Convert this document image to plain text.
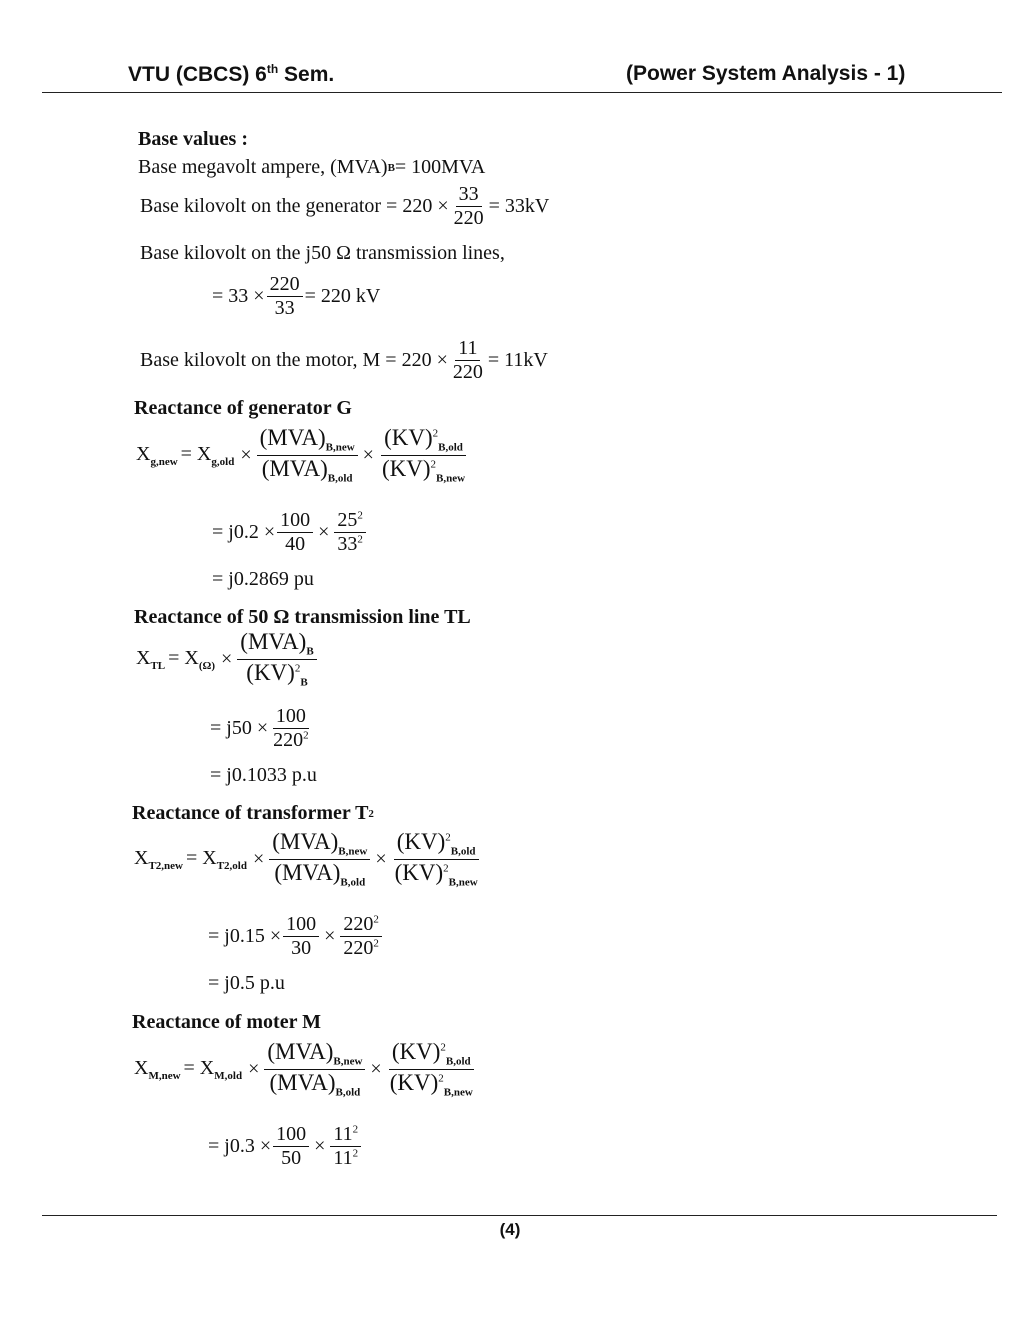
VTU (CBCS) 6th Sem.	(Power System Analysis - 1)
Base values :
Base megavolt ampere, (MVA) B = 100MVA
Base kilovolt on the generator = $220 \times \frac{33}{220} = 33kV$
Base kilovolt on the j50 Ω transmission lines,
= $33 \times \frac{220}{33} = 220$ kV
Base kilovolt on the motor, $M = 220 \times \frac{11}{220} = 11kV$
Reactance of generator G
$X_{g,new} = X_{g,old} \times \frac{(MVA)_{B,new}}{(MVA)_{B,old}} \times \frac{(KV)^2_{B,old}}{(KV)^2_{B,new}}$
= $j0.2 \times \frac{100}{40} \times \frac{25^2}{33^2}$
= j0.2869 pu
Reactance of 50 Ω transmission line TL
$X_{TL} = X_{(\Omega)} \times \frac{(MVA)_B}{(KV)^2_B}$
= $j50 \times \frac{100}{220^2}$
= j0.1033 p.u
Reactance of transformer T 2
$X_{T2,new} = X_{T2,old} \times \frac{(MVA)_{B,new}}{(MVA)_{B,old}} \times \frac{(KV)^2_{B,old}}{(KV)^2_{B,new}}$
= $j0.15 \times \frac{100}{30} \times \frac{220^2}{220^2}$
= j0.5 p.u
Reactance of moter M
$X_{M,new} = X_{M,old} \times \frac{(MVA)_{B,new}}{(MVA)_{B,old}} \times \frac{(KV)^2_{B,old}}{(KV)^2_{B,new}}$
= $j0.3 \times \frac{100}{50} \times \frac{11^2}{11^2}$
(4)
